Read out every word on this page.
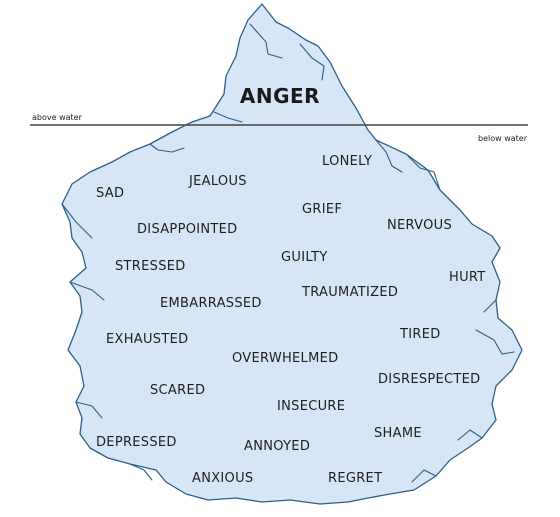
above water
below water
ANGER
LONELY
SAD
JEALOUS
GRIEF
NERVOUS
DISAPPOINTED
GUILTY
STRESSED
HURT
TRAUMATIZED
EMBARRASSED
EXHAUSTED	TIRED
OVERWHELMED
SCARED
DISRESPECTED
INSECURE
SHAME
DEPRESSED	ANNOYED
ANXIOUS	REGRET
